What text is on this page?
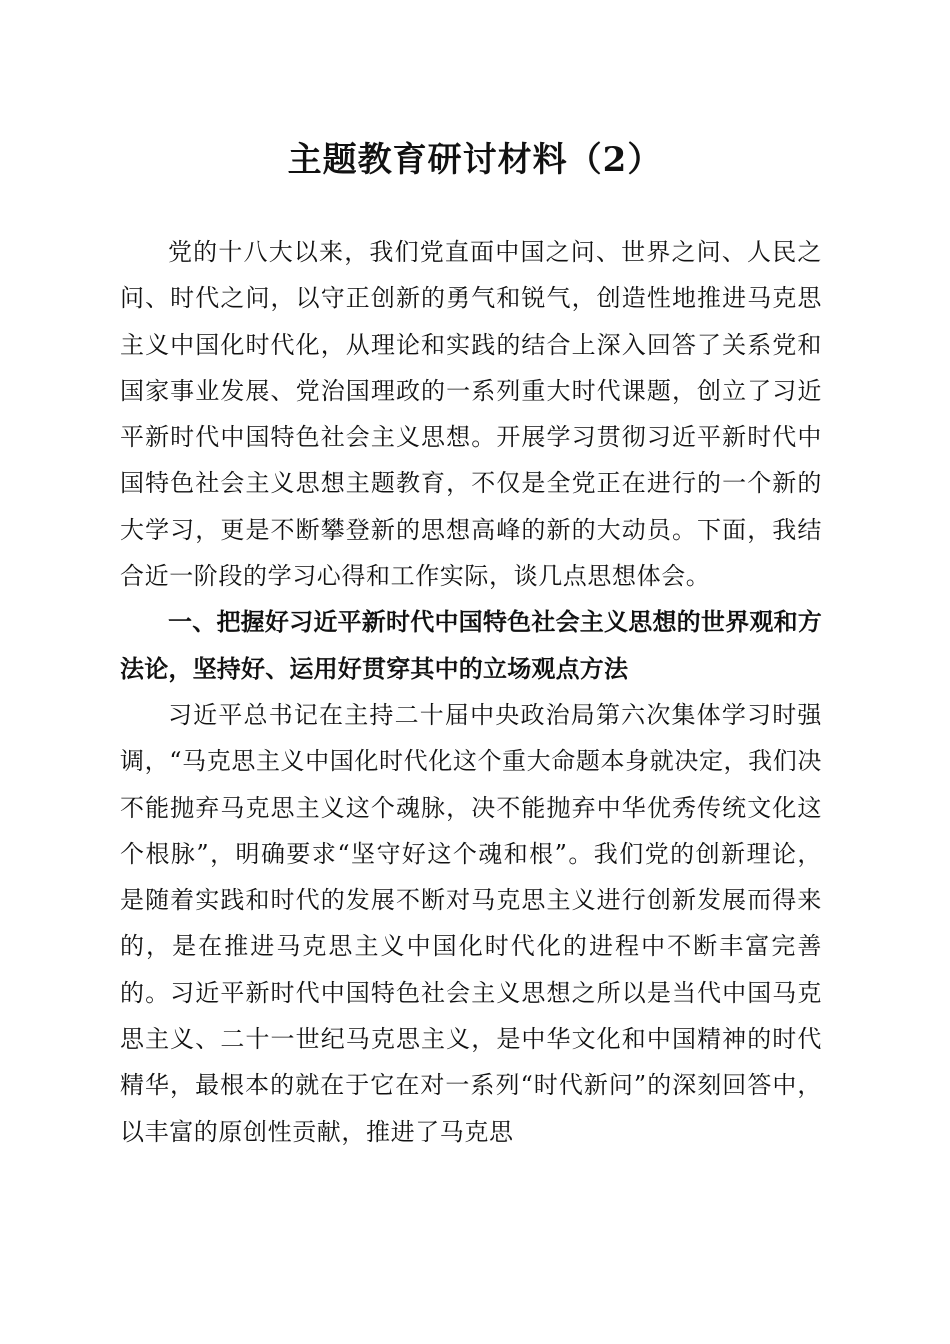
主题教育研讨材料（2）

党的十八大以来，我们党直面中国之问、世界之问、人民之问、时代之问，以守正创新的勇气和锐气，创造性地推进马克思主义中国化时代化，从理论和实践的结合上深入回答了关系党和国家事业发展、党治国理政的一系列重大时代课题，创立了习近平新时代中国特色社会主义思想。开展学习贯彻习近平新时代中国特色社会主义思想主题教育，不仅是全党正在进行的一个新的大学习，更是不断攀登新的思想高峰的新的大动员。下面，我结合近一阶段的学习心得和工作实际，谈几点思想体会。

一、把握好习近平新时代中国特色社会主义思想的世界观和方法论，坚持好、运用好贯穿其中的立场观点方法

习近平总书记在主持二十届中央政治局第六次集体学习时强调，“马克思主义中国化时代化这个重大命题本身就决定，我们决不能抛弃马克思主义这个魂脉，决不能抛弃中华优秀传统文化这个根脉”，明确要求“坚守好这个魂和根”。我们党的创新理论，是随着实践和时代的发展不断对马克思主义进行创新发展而得来的，是在推进马克思主义中国化时代化的进程中不断丰富完善的。习近平新时代中国特色社会主义思想之所以是当代中国马克思主义、二十一世纪马克思主义，是中华文化和中国精神的时代精华，最根本的就在于它在对一系列“时代新问”的深刻回答中，以丰富的原创性贡献，推进了马克思
